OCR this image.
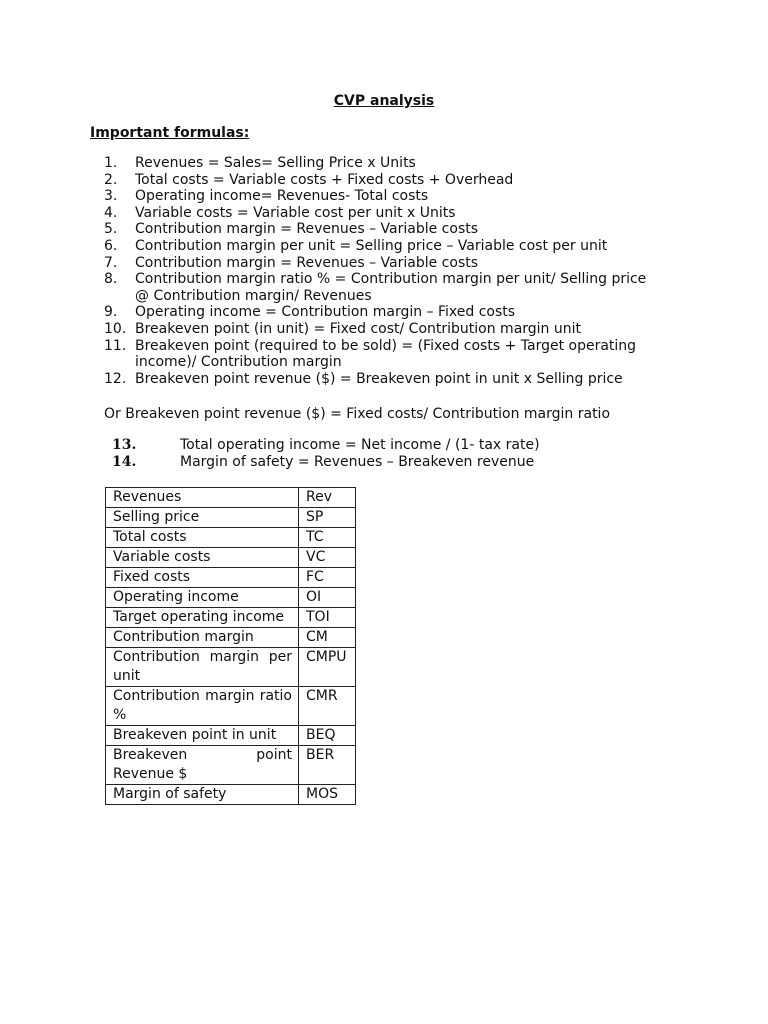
CVP analysis
Important formulas:
1.	Revenues = Sales= Selling Price x Units
2.	Total costs = Variable costs + Fixed costs + Overhead
3.	Operating income= Revenues- Total costs
4.	Variable costs = Variable cost per unit x Units
5.	Contribution margin = Revenues – Variable costs
6.	Contribution margin per unit = Selling price – Variable cost per unit
7.	Contribution margin = Revenues – Variable costs
8.	Contribution margin ratio % = Contribution margin per unit/ Selling price @ Contribution margin/ Revenues
9.	Operating income = Contribution margin – Fixed costs
10. Breakeven point (in unit) = Fixed cost/ Contribution margin unit
11. Breakeven point (required to be sold) = (Fixed costs + Target operating income)/ Contribution margin
12. Breakeven point revenue ($) = Breakeven point in unit x Selling price
Or Breakeven point revenue ($) = Fixed costs/ Contribution margin ratio
13.	Total operating income = Net income / (1- tax rate)
14.	Margin of safety = Revenues – Breakeven revenue
Revenues	Rev
Selling price	SP
Total costs	TC
Variable costs	VC
Fixed costs	FC
Operating income	OI
Target operating income	TOI
Contribution margin	CM
Contribution margin per unit	CMPU
Contribution margin ratio %	CMR
Breakeven point in unit	BEQ
Breakeven point Revenue $	BER
Margin of safety	MOS
